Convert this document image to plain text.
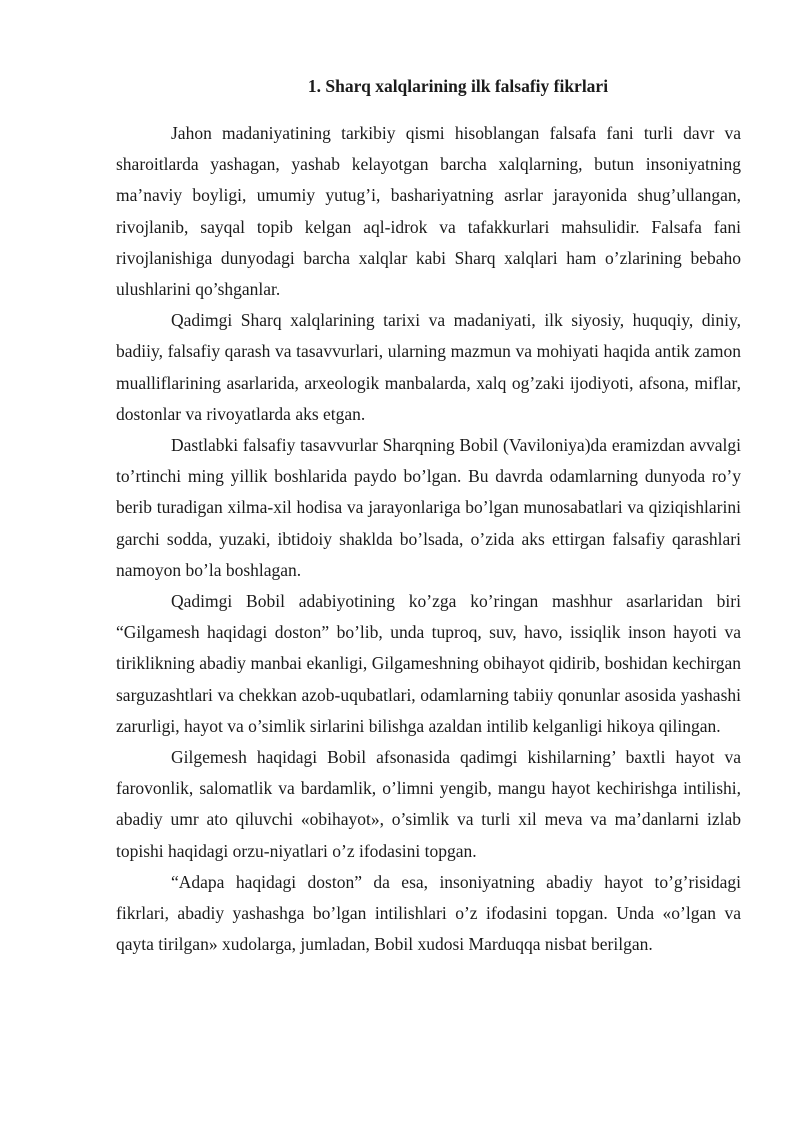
1. Sharq xalqlarining ilk falsafiy fikrlari

Jahon madaniyatining tarkibiy qismi hisoblangan falsafa fani turli davr va sharoitlarda yashagan, yashab kelayotgan barcha xalqlarning, butun insoniyatning ma’naviy boyligi, umumiy yutug’i, bashariyatning asrlar jarayonida shug’ullangan, rivojlanib, sayqal topib kelgan aql-idrok va tafakkurlari mahsulidir. Falsafa fani rivojlanishiga dunyodagi barcha xalqlar kabi Sharq xalqlari ham o’zlarining bebaho ulushlarini qo’shganlar.

Qadimgi Sharq xalqlarining tarixi va madaniyati, ilk siyosiy, huquqiy, diniy, badiiy, falsafiy qarash va tasavvurlari, ularning mazmun va mohiyati haqida antik zamon mualliflarining asarlarida, arxeologik manbalarda, xalq og’zaki ijodiyoti, afsona, miflar, dostonlar va rivoyatlarda aks etgan.

Dastlabki falsafiy tasavvurlar Sharqning Bobil (Vaviloniya)da eramizdan avvalgi to’rtinchi ming yillik boshlarida paydo bo’lgan. Bu davrda odamlarning dunyoda ro’y berib turadigan xilma-xil hodisa va jarayonlariga bo’lgan munosabatlari va qiziqishlarini garchi sodda, yuzaki, ibtidoiy shaklda bo’lsada, o’zida aks ettirgan falsafiy qarashlari namoyon bo’la boshlagan.

Qadimgi Bobil adabiyotining ko’zga ko’ringan mashhur asarlaridan biri “Gilgamesh haqidagi doston” bo’lib, unda tuproq, suv, havo, issiqlik inson hayoti va tiriklikning abadiy manbai ekanligi, Gilgameshning obihayot qidirib, boshidan kechirgan sarguzashtlari va chekkan azob-uqubatlari, odamlarning tabiiy qonunlar asosida yashashi zarurligi, hayot va o’simlik sirlarini bilishga azaldan intilib kelganligi hikoya qilingan.

Gilgemesh haqidagi Bobil afsonasida qadimgi kishilarning’ baxtli hayot va farovonlik, salomatlik va bardamlik, o’limni yengib, mangu hayot kechirishga intilishi, abadiy umr ato qiluvchi «obihayot», o’simlik va turli xil meva va ma’danlarni izlab topishi haqidagi orzu-niyatlari o’z ifodasini topgan.

“Adapa haqidagi doston” da esa, insoniyatning abadiy hayot to’g’risidagi fikrlari, abadiy yashashga bo’lgan intilishlari o’z ifodasini topgan. Unda «o’lgan va qayta tirilgan» xudolarga, jumladan, Bobil xudosi Marduqqa nisbat berilgan.
